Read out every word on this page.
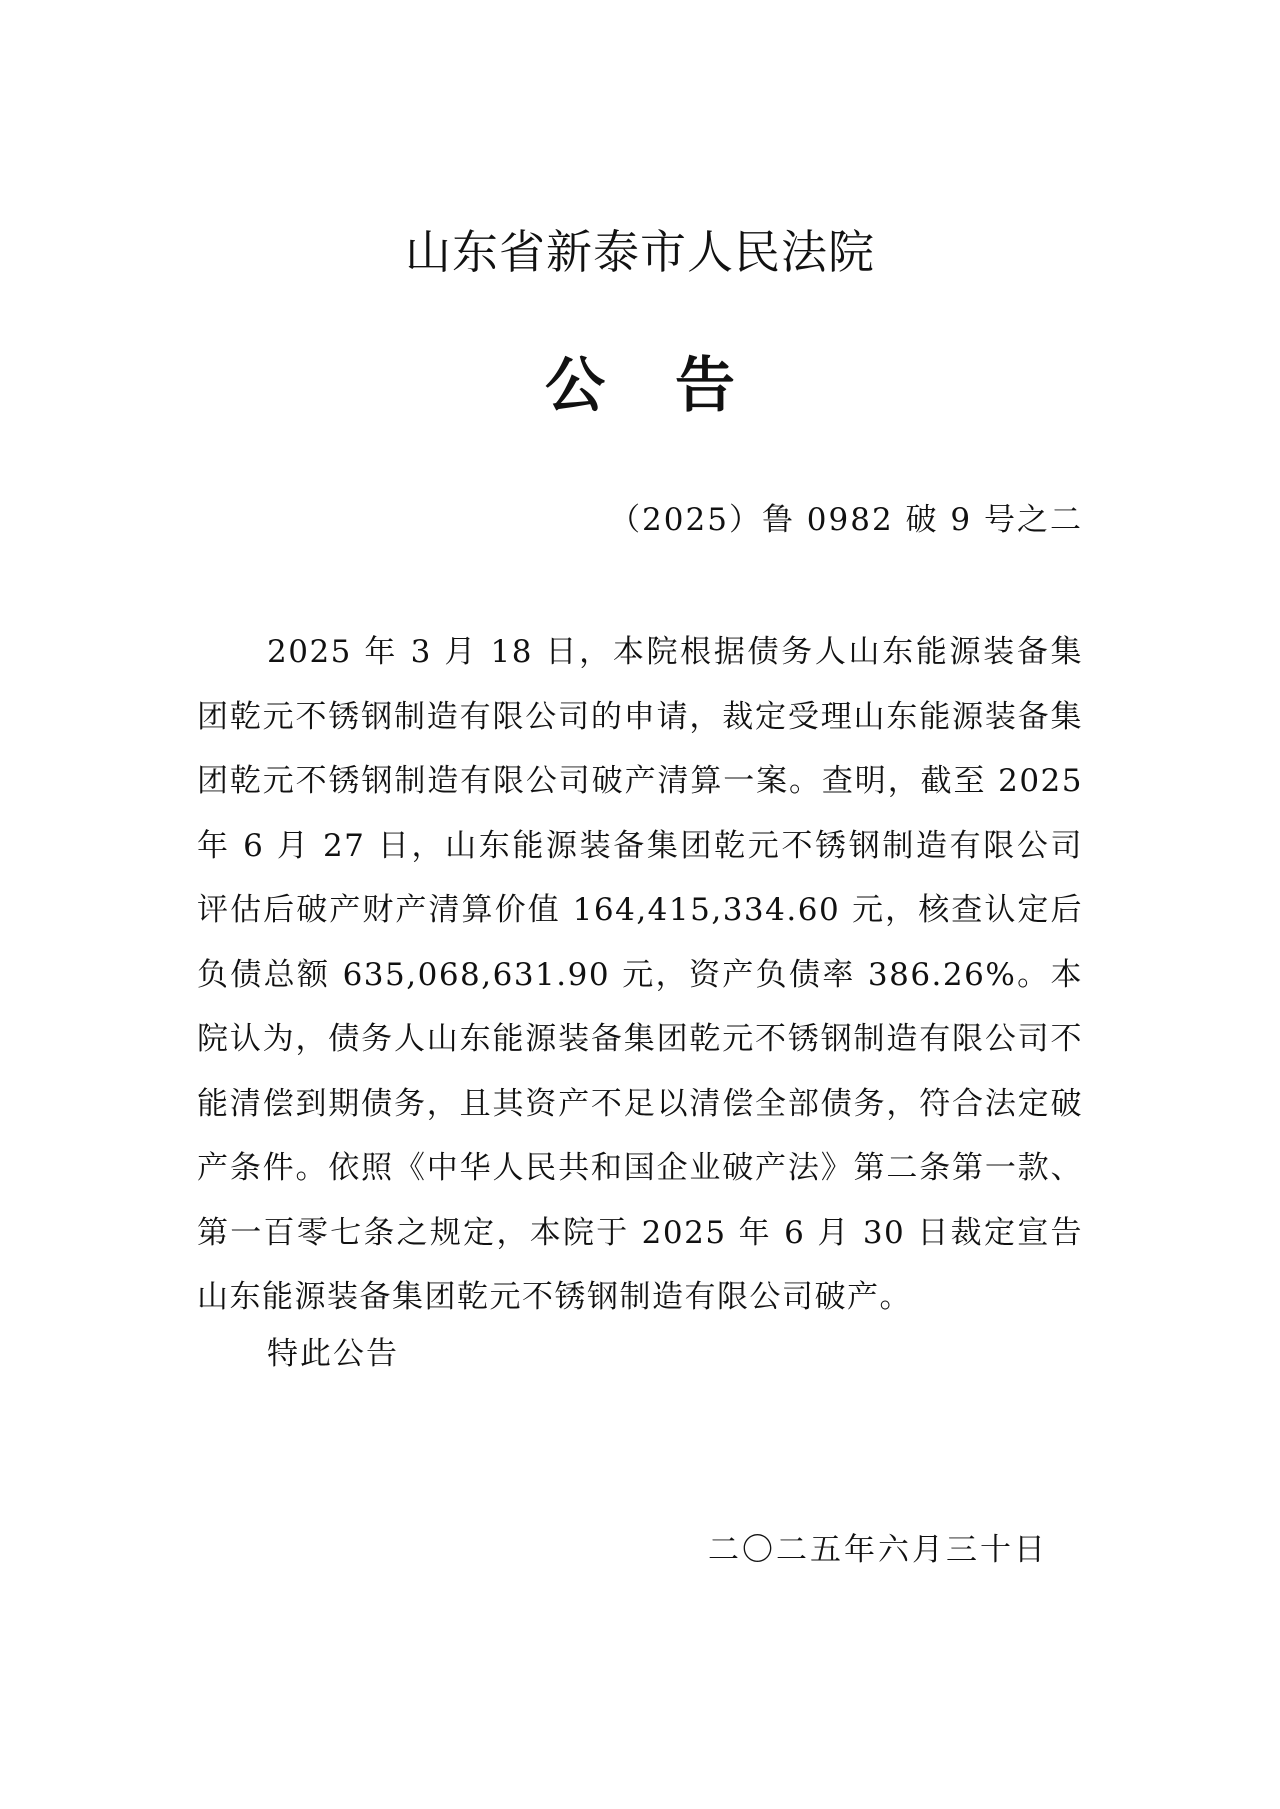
山东省新泰市人民法院
公告

（2025）鲁 0982 破 9 号之二

2025 年 3 月 18 日，本院根据债务人山东能源装备集团乾元不锈钢制造有限公司的申请，裁定受理山东能源装备集团乾元不锈钢制造有限公司破产清算一案。查明，截至 2025 年 6 月 27 日，山东能源装备集团乾元不锈钢制造有限公司评估后破产财产清算价值 164,415,334.60 元，核查认定后负债总额 635,068,631.90 元，资产负债率 386.26%。本院认为，债务人山东能源装备集团乾元不锈钢制造有限公司不能清偿到期债务，且其资产不足以清偿全部债务，符合法定破产条件。依照《中华人民共和国企业破产法》第二条第一款、第一百零七条之规定，本院于 2025 年 6 月 30 日裁定宣告山东能源装备集团乾元不锈钢制造有限公司破产。

特此公告

二〇二五年六月三十日
